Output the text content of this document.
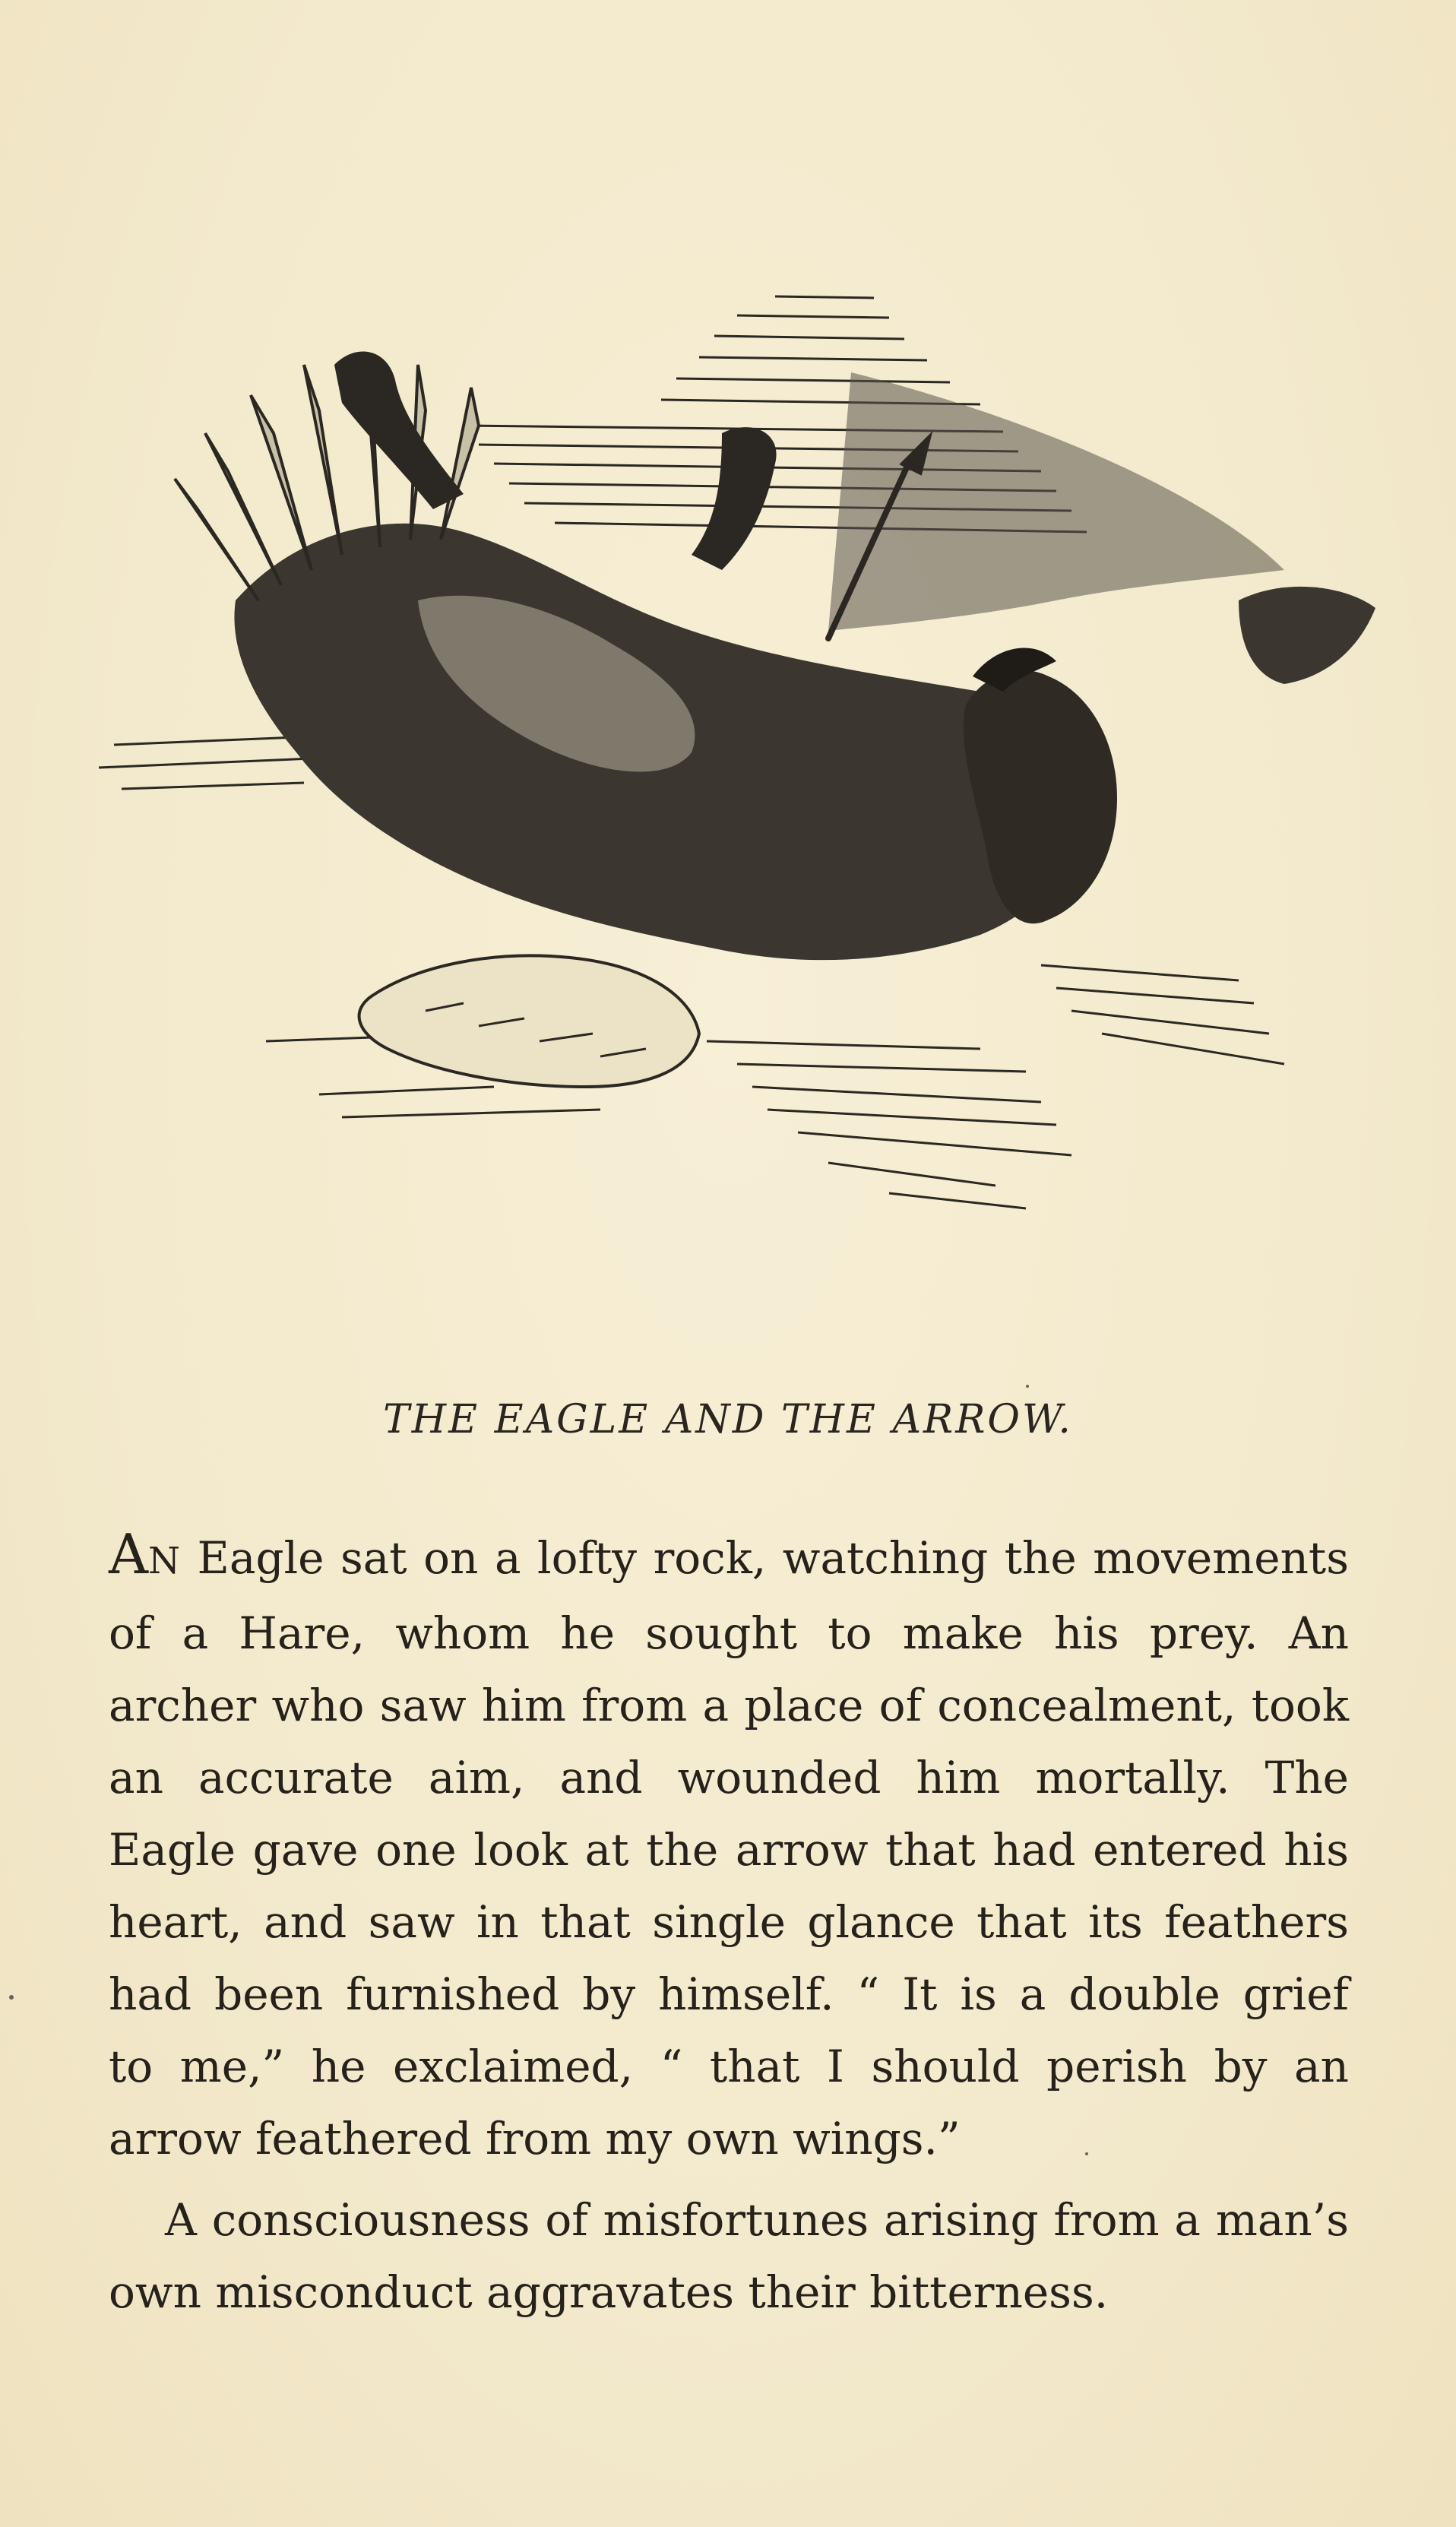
THE EAGLE AND THE ARROW.

AN Eagle sat on a lofty rock, watching the movements
of a Hare, whom he sought to make his prey. An
archer who saw him from a place of concealment, took
an accurate aim, and wounded him mortally. The
Eagle gave one look at the arrow that had entered his
heart, and saw in that single glance that its feathers
had been furnished by himself. “ It is a double grief
to me,” he exclaimed, “ that I should perish by an
arrow feathered from my own wings.”

A consciousness of misfortunes arising from a man’s
own misconduct aggravates their bitterness.
